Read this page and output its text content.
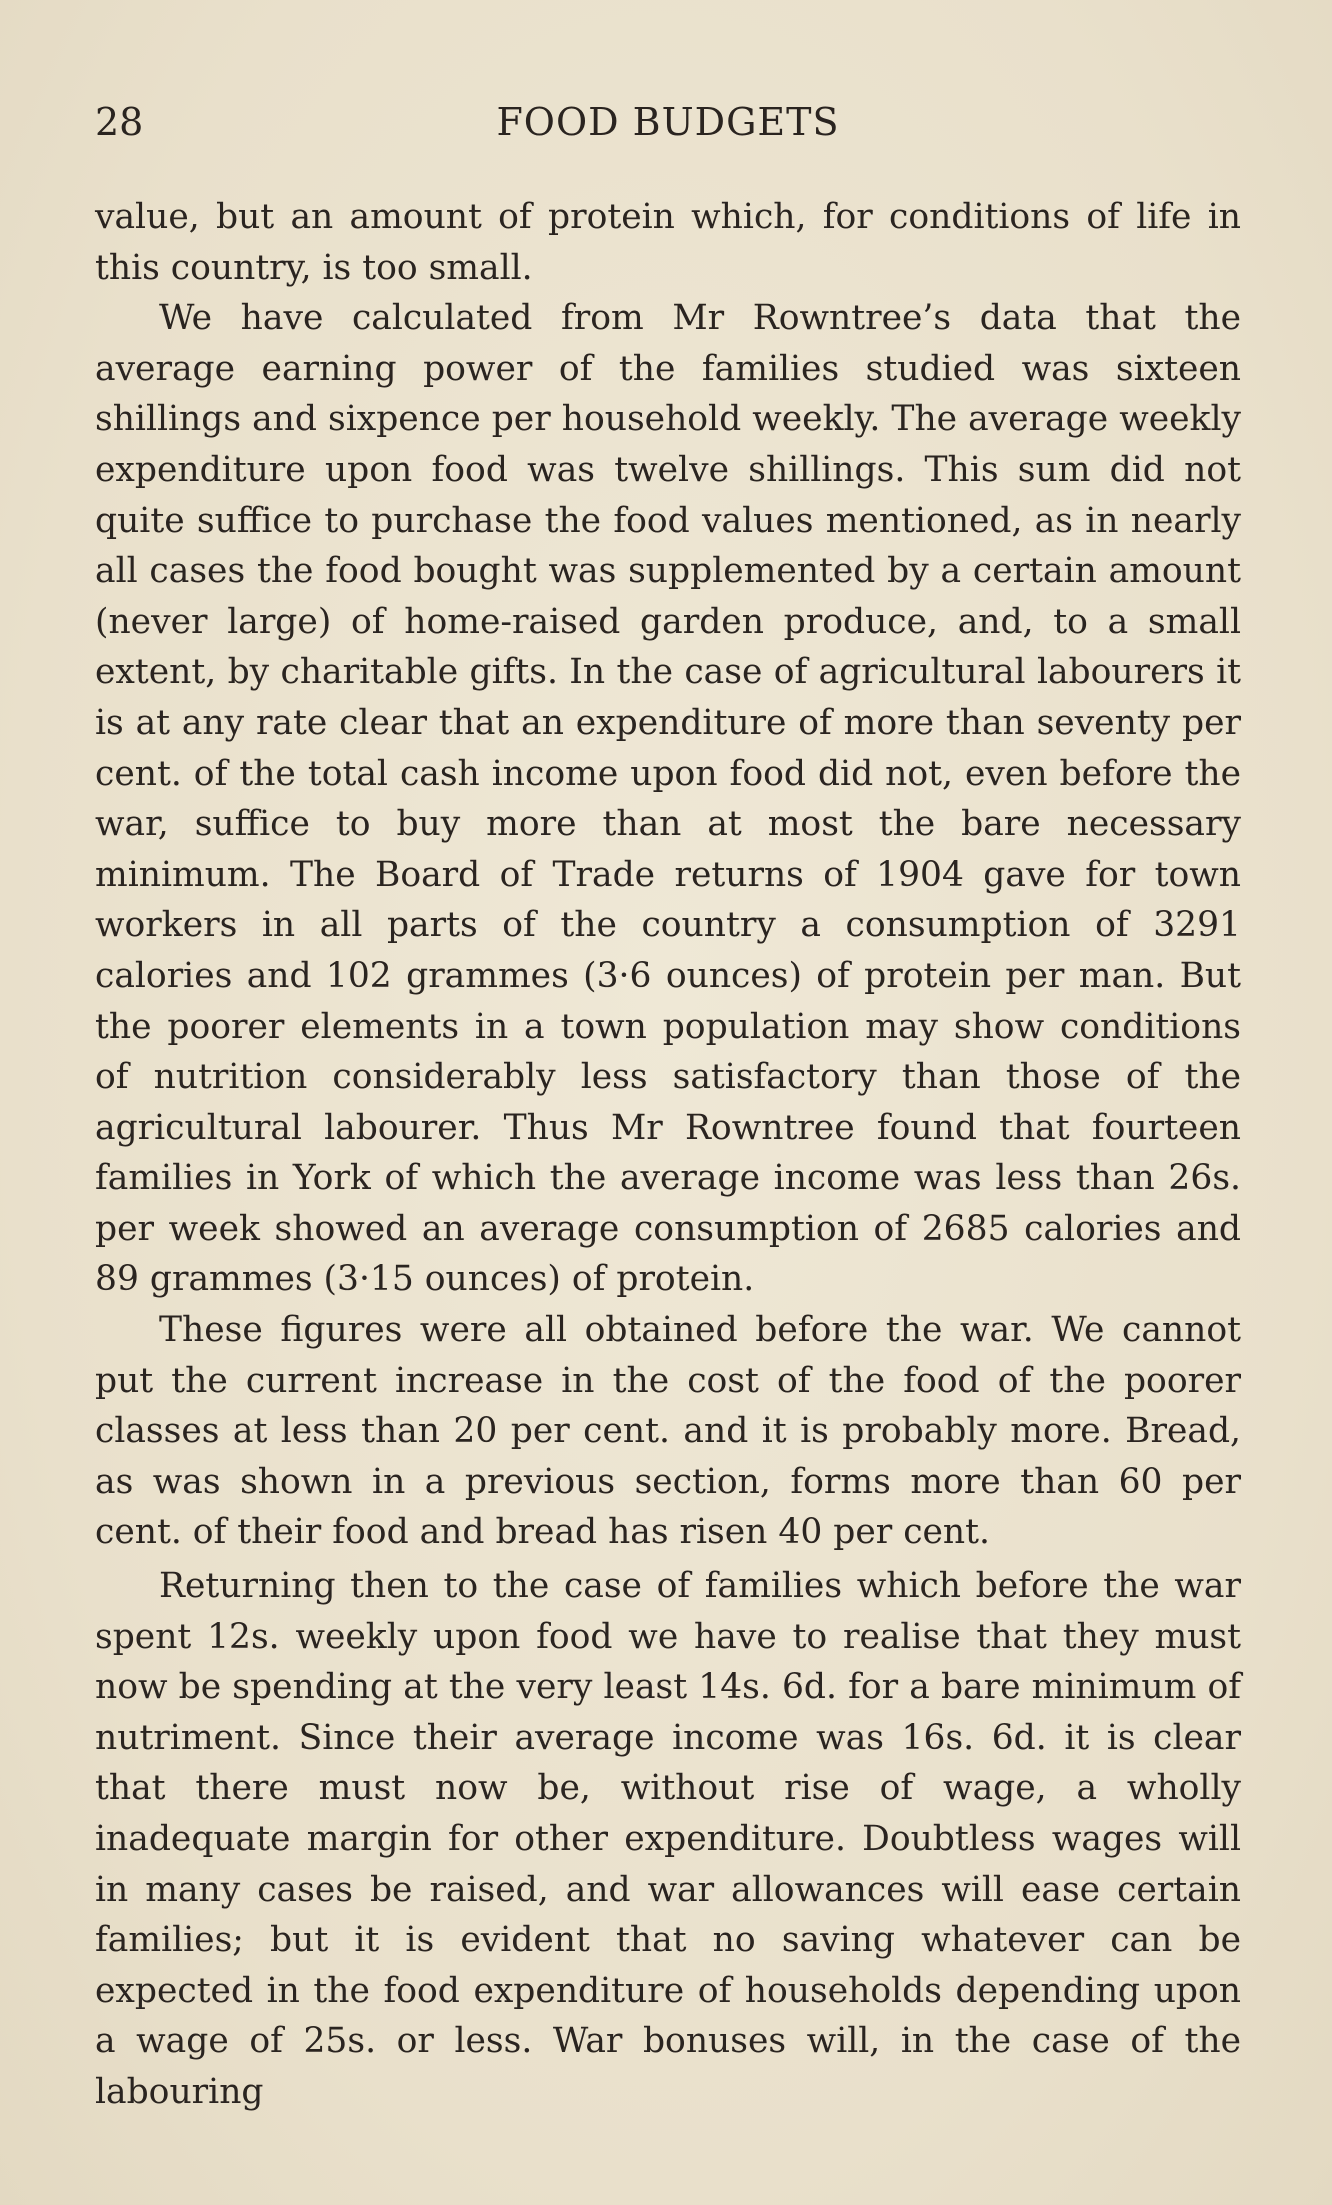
28	FOOD BUDGETS

value, but an amount of protein which, for conditions of life in this country, is too small.

We have calculated from Mr Rowntree’s data that the average earning power of the families studied was sixteen shillings and sixpence per household weekly. The average weekly expenditure upon food was twelve shillings. This sum did not quite suffice to purchase the food values mentioned, as in nearly all cases the food bought was supplemented by a certain amount (never large) of home-raised garden produce, and, to a small extent, by charitable gifts. In the case of agricultural labourers it is at any rate clear that an expenditure of more than seventy per cent. of the total cash income upon food did not, even before the war, suffice to buy more than at most the bare necessary minimum. The Board of Trade returns of 1904 gave for town workers in all parts of the country a consumption of 3291 calories and 102 grammes (3·6 ounces) of protein per man. But the poorer elements in a town population may show conditions of nutrition considerably less satisfactory than those of the agricultural labourer. Thus Mr Rowntree found that fourteen families in York of which the average income was less than 26s. per week showed an average consumption of 2685 calories and 89 grammes (3·15 ounces) of protein.

These figures were all obtained before the war. We cannot put the current increase in the cost of the food of the poorer classes at less than 20 per cent. and it is probably more. Bread, as was shown in a previous section, forms more than 60 per cent. of their food and bread has risen 40 per cent.

Returning then to the case of families which before the war spent 12s. weekly upon food we have to realise that they must now be spending at the very least 14s. 6d. for a bare minimum of nutriment. Since their average income was 16s. 6d. it is clear that there must now be, without rise of wage, a wholly inadequate margin for other expenditure. Doubtless wages will in many cases be raised, and war allowances will ease certain families; but it is evident that no saving whatever can be expected in the food expenditure of households depending upon a wage of 25s. or less. War bonuses will, in the case of the labouring
